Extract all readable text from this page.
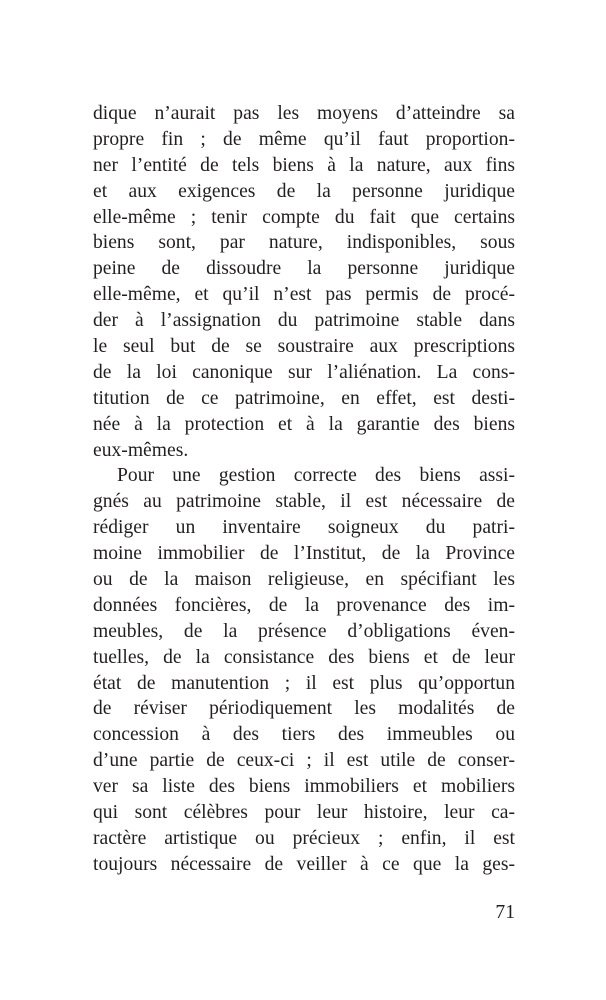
dique n’aurait pas les moyens d’atteindre sa
propre fin ; de même qu’il faut proportion-
ner l’entité de tels biens à la nature, aux fins
et aux exigences de la personne juridique
elle-même ; tenir compte du fait que certains
biens sont, par nature, indisponibles, sous
peine de dissoudre la personne juridique
elle-même, et qu’il n’est pas permis de procé-
der à l’assignation du patrimoine stable dans
le seul but de se soustraire aux prescriptions
de la loi canonique sur l’aliénation. La cons-
titution de ce patrimoine, en effet, est desti-
née à la protection et à la garantie des biens
eux-mêmes.
Pour une gestion correcte des biens assi-
gnés au patrimoine stable, il est nécessaire de
rédiger un inventaire soigneux du patri-
moine immobilier de l’Institut, de la Province
ou de la maison religieuse, en spécifiant les
données foncières, de la provenance des im-
meubles, de la présence d’obligations éven-
tuelles, de la consistance des biens et de leur
état de manutention ; il est plus qu’opportun
de réviser périodiquement les modalités de
concession à des tiers des immeubles ou
d’une partie de ceux-ci ; il est utile de conser-
ver sa liste des biens immobiliers et mobiliers
qui sont célèbres pour leur histoire, leur ca-
ractère artistique ou précieux ; enfin, il est
toujours nécessaire de veiller à ce que la ges-
71
